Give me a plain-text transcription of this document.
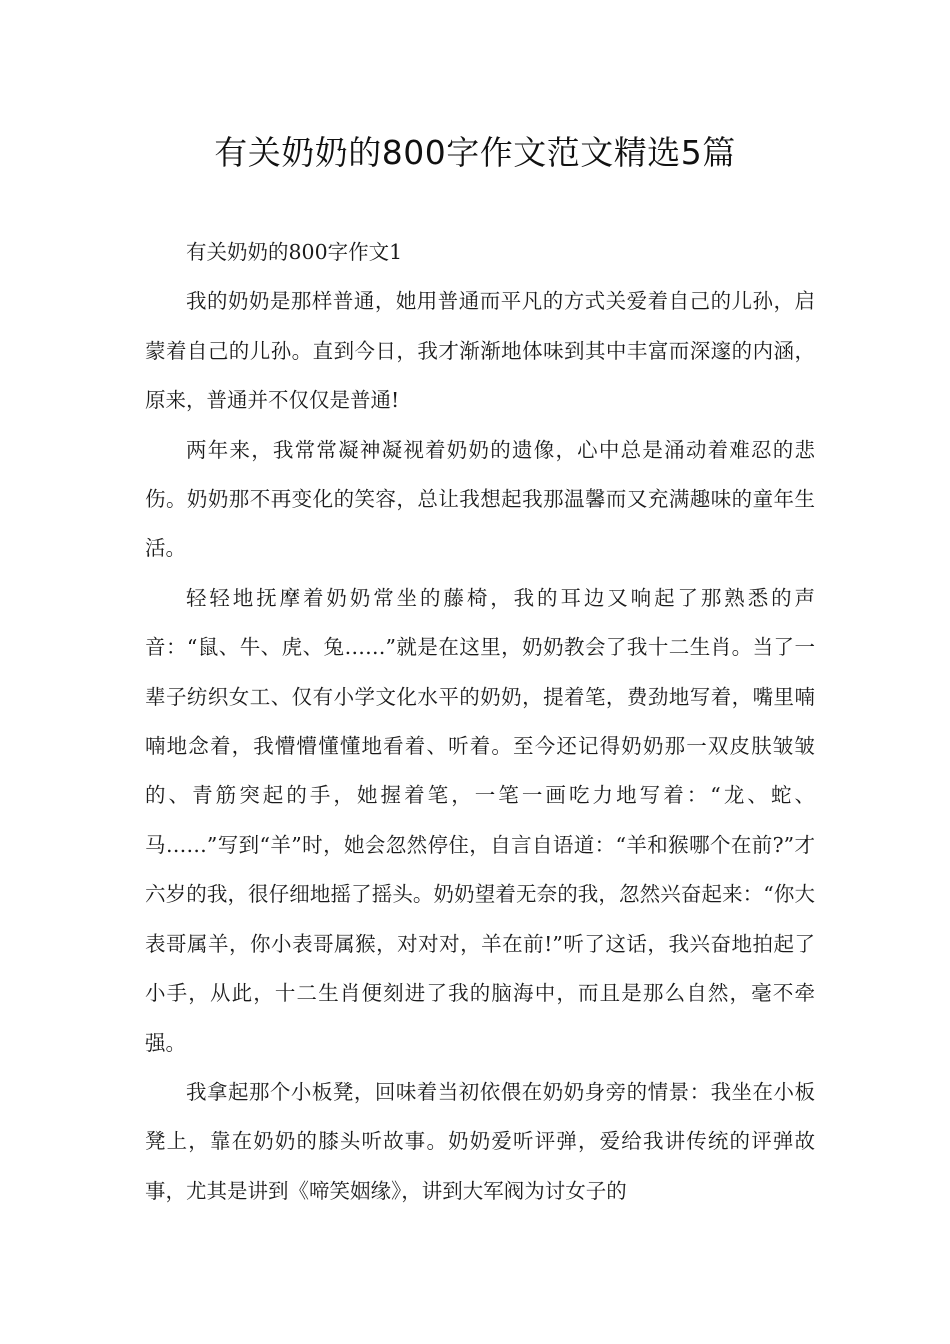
有关奶奶的800字作文范文精选5篇

有关奶奶的800字作文1

我的奶奶是那样普通，她用普通而平凡的方式关爱着自己的儿孙，启蒙着自己的儿孙。直到今日，我才渐渐地体味到其中丰富而深邃的内涵，原来，普通并不仅仅是普通!

两年来，我常常凝神凝视着奶奶的遗像，心中总是涌动着难忍的悲伤。奶奶那不再变化的笑容，总让我想起我那温馨而又充满趣味的童年生活。

轻轻地抚摩着奶奶常坐的藤椅，我的耳边又响起了那熟悉的声音：“鼠、牛、虎、兔……”就是在这里，奶奶教会了我十二生肖。当了一辈子纺织女工、仅有小学文化水平的奶奶，提着笔，费劲地写着，嘴里喃喃地念着，我懵懵懂懂地看着、听着。至今还记得奶奶那一双皮肤皱皱的、青筋突起的手，她握着笔，一笔一画吃力地写着：“龙、蛇、马……”写到“羊”时，她会忽然停住，自言自语道：“羊和猴哪个在前?”才六岁的我，很仔细地摇了摇头。奶奶望着无奈的我，忽然兴奋起来：“你大表哥属羊，你小表哥属猴，对对对，羊在前!”听了这话，我兴奋地拍起了小手，从此，十二生肖便刻进了我的脑海中，而且是那么自然，毫不牵强。

我拿起那个小板凳，回味着当初依偎在奶奶身旁的情景：我坐在小板凳上，靠在奶奶的膝头听故事。奶奶爱听评弹，爱给我讲传统的评弹故事，尤其是讲到《啼笑姻缘》，讲到大军阀为讨女子的
